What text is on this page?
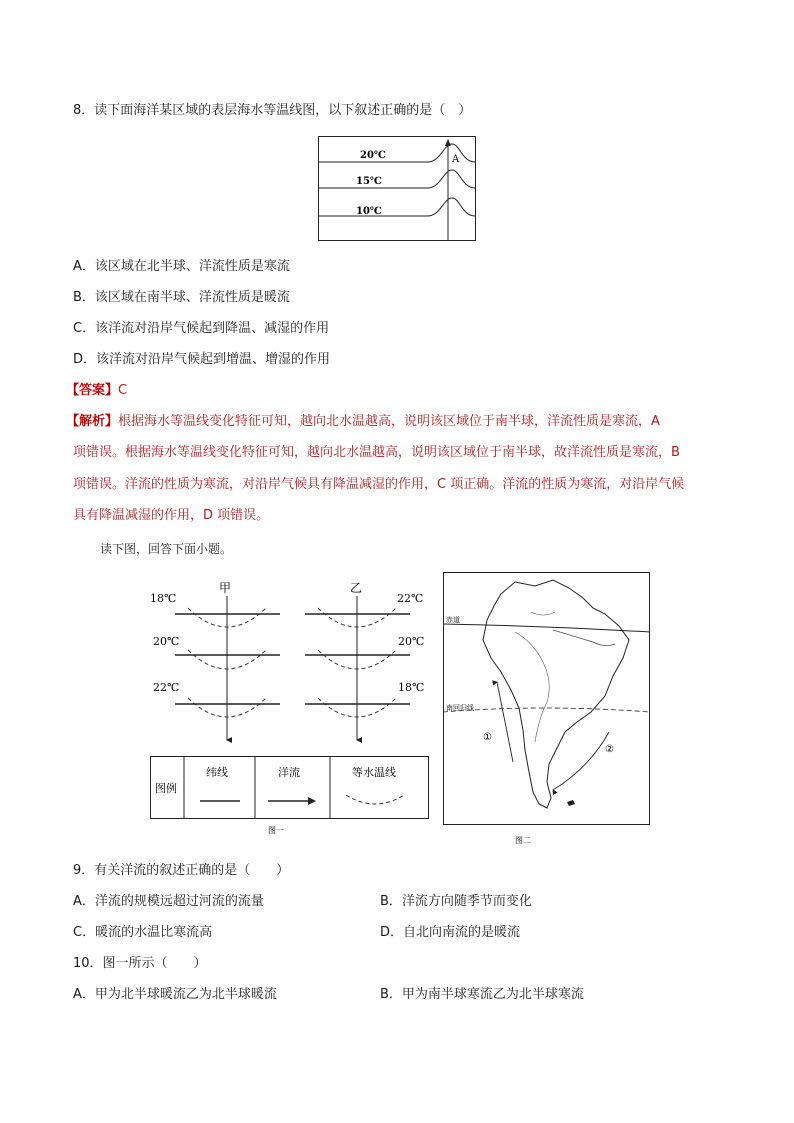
8．读下面海洋某区域的表层海水等温线图，以下叙述正确的是（　）
20℃
15℃
10℃
A
A．该区域在北半球、洋流性质是寒流
B．该区域在南半球、洋流性质是暖流
C．该洋流对沿岸气候起到降温、减湿的作用
D．该洋流对沿岸气候起到增温、增湿的作用
【答案】C
【解析】根据海水等温线变化特征可知，越向北水温越高，说明该区域位于南半球，洋流性质是寒流，A
项错误。根据海水等温线变化特征可知，越向北水温越高，说明该区域位于南半球，故洋流性质是寒流，B
项错误。洋流的性质为寒流，对沿岸气候具有降温减湿的作用，C 项正确。洋流的性质为寒流，对沿岸气候
具有降温减湿的作用，D 项错误。
读下图，回答下面小题。
甲	乙
18℃
20℃
22℃
22℃
20℃
18℃
图例
纬线	洋流	等水温线
图一
赤道
南回归线
①
②
图二
9．有关洋流的叙述正确的是（　　）
A．洋流的规模远超过河流的流量	B．洋流方向随季节而变化
C．暖流的水温比寒流高	D．自北向南流的是暖流
10．图一所示（　　）
A．甲为北半球暖流乙为北半球暖流	B．甲为南半球寒流乙为北半球寒流
